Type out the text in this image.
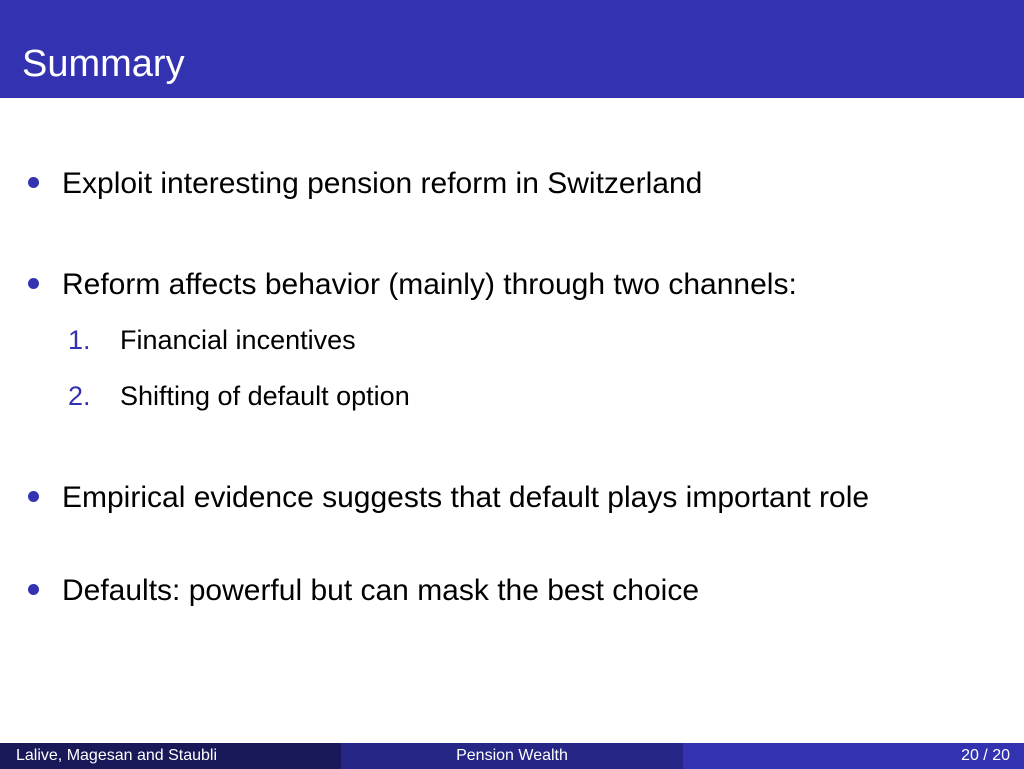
Summary
Exploit interesting pension reform in Switzerland
Reform affects behavior (mainly) through two channels:
1. Financial incentives
2. Shifting of default option
Empirical evidence suggests that default plays important role
Defaults: powerful but can mask the best choice
Lalive, Magesan and Staubli	Pension Wealth	20 / 20
